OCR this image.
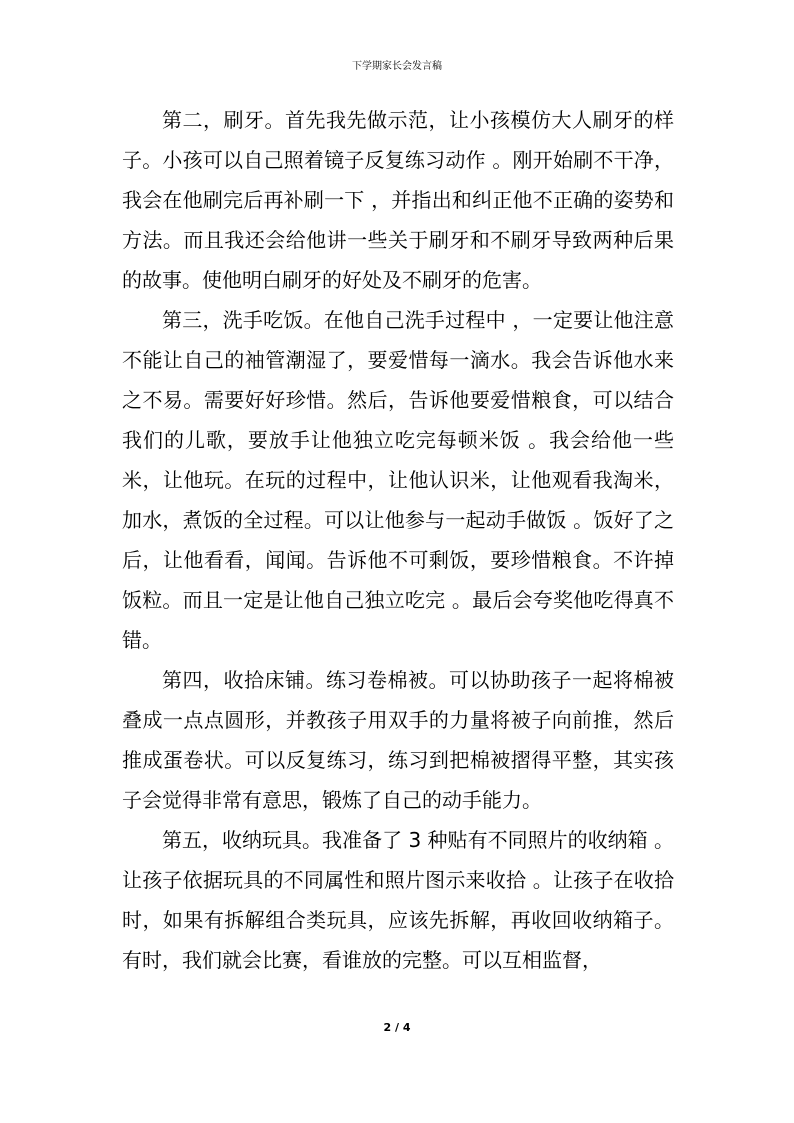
下学期家长会发言稿

第二，刷牙。首先我先做示范，让小孩模仿大人刷牙的样子。小孩可以自己照着镜子反复练习动作 。刚开始刷不干净，我会在他刷完后再补刷一下 ，并指出和纠正他不正确的姿势和方法。而且我还会给他讲一些关于刷牙和不刷牙导致两种后果的故事。使他明白刷牙的好处及不刷牙的危害。

第三，洗手吃饭。在他自己洗手过程中 ，一定要让他注意不能让自己的袖管潮湿了，要爱惜每一滴水。我会告诉他水来之不易。需要好好珍惜。然后，告诉他要爱惜粮食，可以结合我们的儿歌，要放手让他独立吃完每顿米饭 。我会给他一些米，让他玩。在玩的过程中，让他认识米，让他观看我淘米，加水，煮饭的全过程。可以让他参与一起动手做饭 。饭好了之后，让他看看，闻闻。告诉他不可剩饭，要珍惜粮食。不许掉饭粒。而且一定是让他自己独立吃完 。最后会夸奖他吃得真不错。

第四，收拾床铺。练习卷棉被。可以协助孩子一起将棉被叠成一点点圆形，并教孩子用双手的力量将被子向前推，然后推成蛋卷状。可以反复练习，练习到把棉被摺得平整，其实孩子会觉得非常有意思，锻炼了自己的动手能力。

第五，收纳玩具。我准备了 3 种贴有不同照片的收纳箱 。让孩子依据玩具的不同属性和照片图示来收拾 。让孩子在收拾时，如果有拆解组合类玩具，应该先拆解，再收回收纳箱子。有时，我们就会比赛，看谁放的完整。可以互相监督，

2 / 4
